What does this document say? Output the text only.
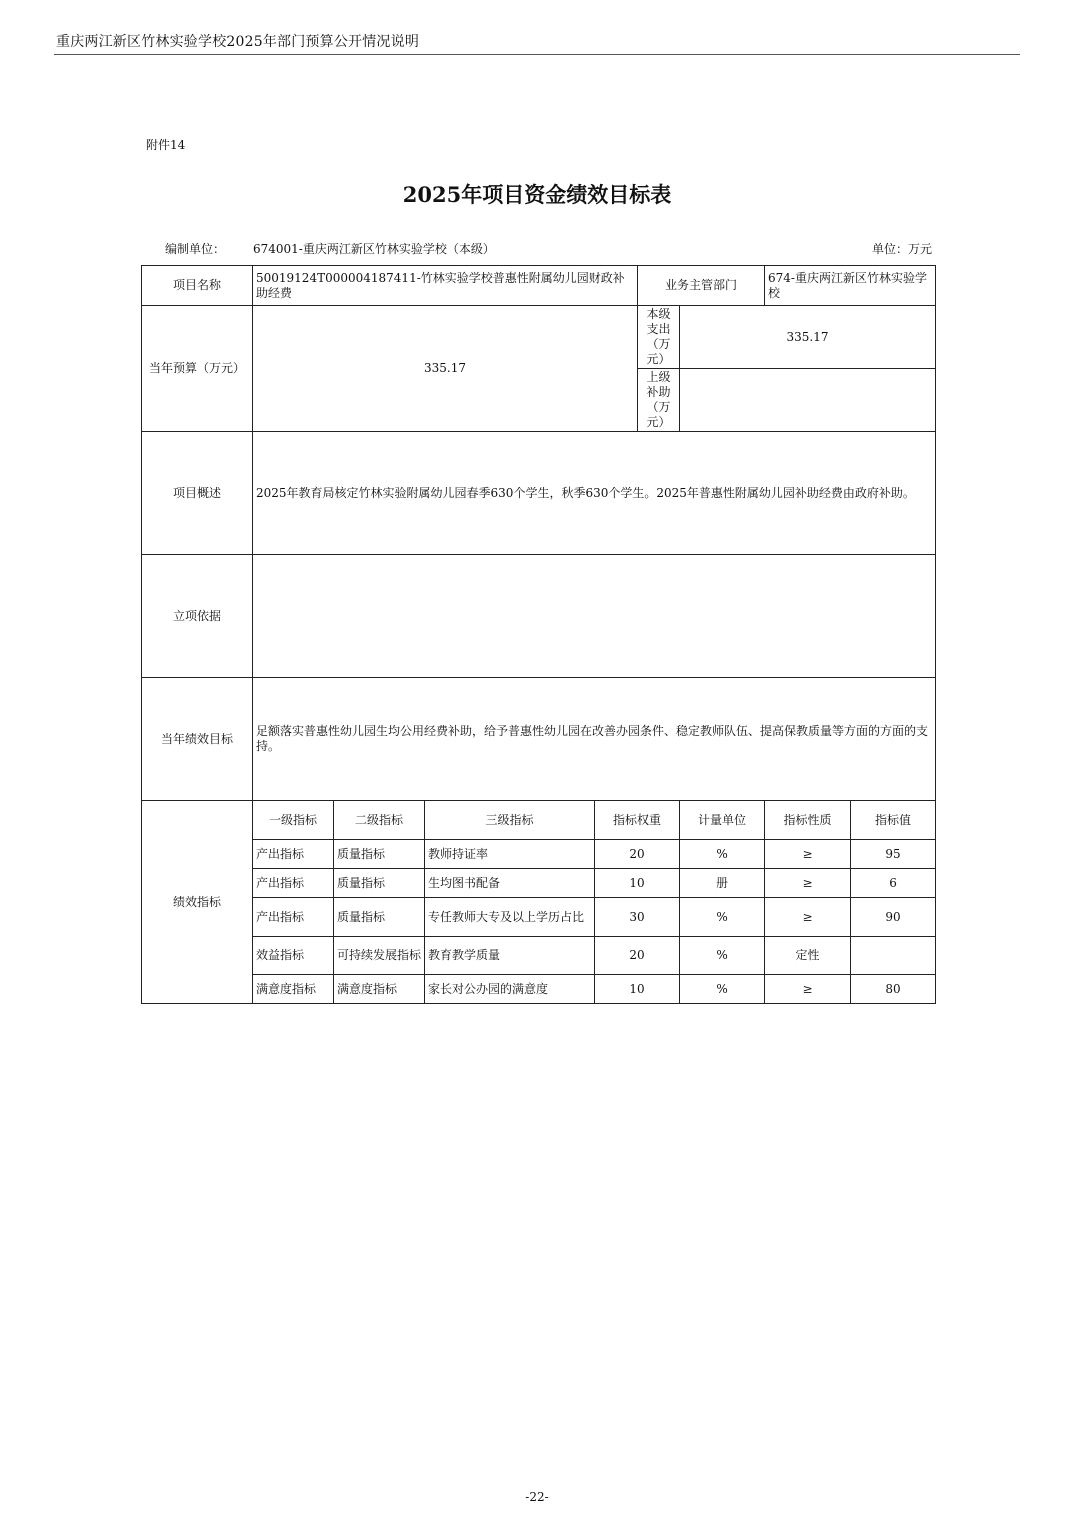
重庆两江新区竹林实验学校2025年部门预算公开情况说明
附件14
2025年项目资金绩效目标表
编制单位： 674001-重庆两江新区竹林实验学校（本级）	单位：万元
项目名称	50019124T000004187411-竹林实验学校普惠性附属幼儿园财政补助经费				业务主管部门		674-重庆两江新区竹林实验学校	
当年预算（万元）	335.17				本级支出（万元）	335.17		
					上级补助（万元）			
项目概述	2025年教育局核定竹林实验附属幼儿园春季630个学生，秋季630个学生。2025年普惠性附属幼儿园补助经费由政府补助。							
立项依据								
当年绩效目标	足额落实普惠性幼儿园生均公用经费补助，给予普惠性幼儿园在改善办园条件、稳定教师队伍、提高保教质量等方面的方面的支持。							
绩效指标	一级指标	二级指标	三级指标	指标权重		计量单位	指标性质	指标值
	产出指标	质量指标	教师持证率	20		%	≥	95
	产出指标	质量指标	生均图书配备	10		册	≥	6
	产出指标	质量指标	专任教师大专及以上学历占比	30		%	≥	90
	效益指标	可持续发展指标	教育教学质量	20		%	定性	
	满意度指标	满意度指标	家长对公办园的满意度	10		%	≥	80
-22-
